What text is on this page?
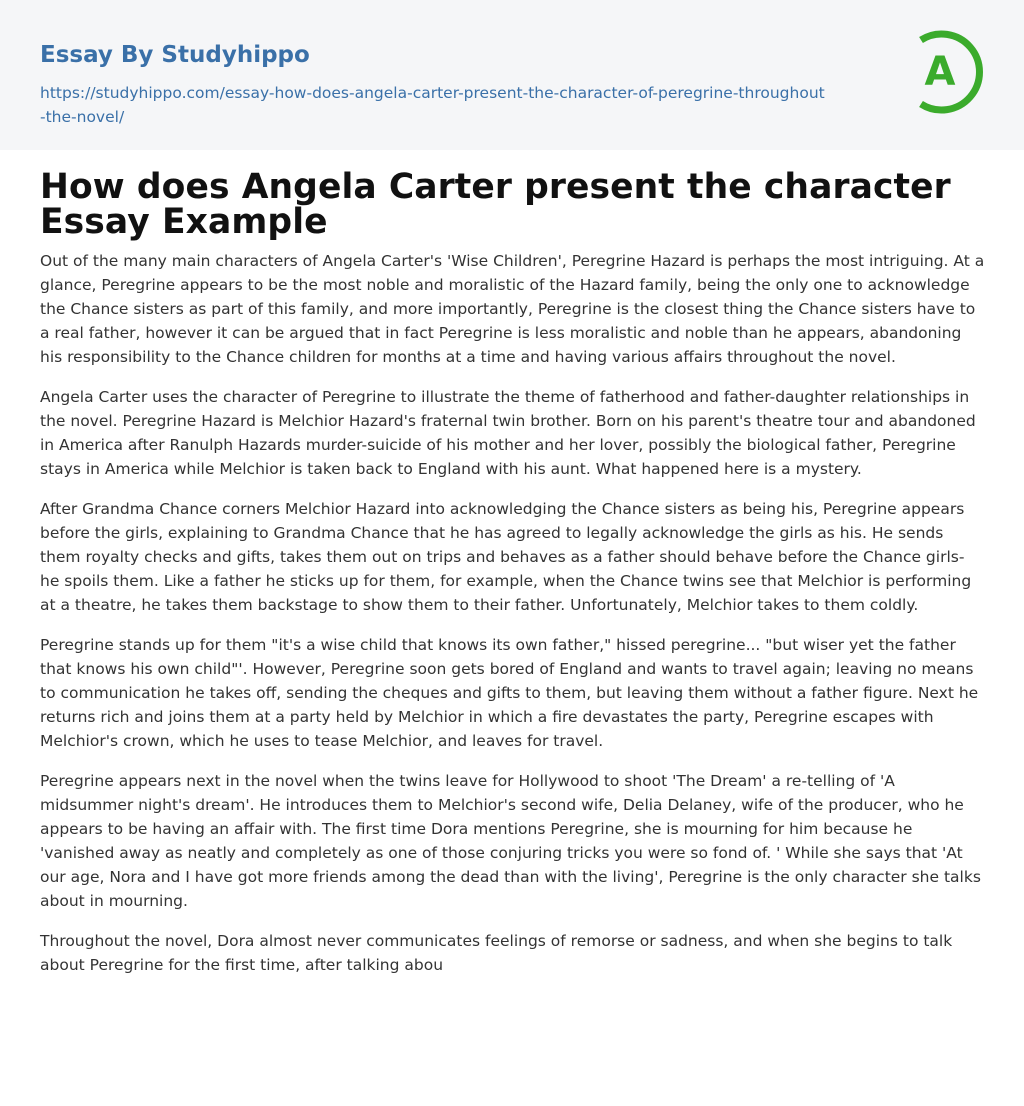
Essay By Studyhippo
https://studyhippo.com/essay-how-does-angela-carter-present-the-character-of-peregrine-throughout-the-novel/
A
How does Angela Carter present the character Essay Example

Out of the many main characters of Angela Carter's 'Wise Children', Peregrine Hazard is perhaps the most intriguing. At a glance, Peregrine appears to be the most noble and moralistic of the Hazard family, being the only one to acknowledge the Chance sisters as part of this family, and more importantly, Peregrine is the closest thing the Chance sisters have to a real father, however it can be argued that in fact Peregrine is less moralistic and noble than he appears, abandoning his responsibility to the Chance children for months at a time and having various affairs throughout the novel.

Angela Carter uses the character of Peregrine to illustrate the theme of fatherhood and father-daughter relationships in the novel. Peregrine Hazard is Melchior Hazard's fraternal twin brother. Born on his parent's theatre tour and abandoned in America after Ranulph Hazards murder-suicide of his mother and her lover, possibly the biological father, Peregrine stays in America while Melchior is taken back to England with his aunt. What happened here is a mystery.

After Grandma Chance corners Melchior Hazard into acknowledging the Chance sisters as being his, Peregrine appears before the girls, explaining to Grandma Chance that he has agreed to legally acknowledge the girls as his. He sends them royalty checks and gifts, takes them out on trips and behaves as a father should behave before the Chance girls- he spoils them. Like a father he sticks up for them, for example, when the Chance twins see that Melchior is performing at a theatre, he takes them backstage to show them to their father. Unfortunately, Melchior takes to them coldly.

Peregrine stands up for them "it's a wise child that knows its own father," hissed peregrine... "but wiser yet the father that knows his own child"'. However, Peregrine soon gets bored of England and wants to travel again; leaving no means to communication he takes off, sending the cheques and gifts to them, but leaving them without a father figure. Next he returns rich and joins them at a party held by Melchior in which a fire devastates the party, Peregrine escapes with Melchior's crown, which he uses to tease Melchior, and leaves for travel.

Peregrine appears next in the novel when the twins leave for Hollywood to shoot 'The Dream' a re-telling of 'A midsummer night's dream'. He introduces them to Melchior's second wife, Delia Delaney, wife of the producer, who he appears to be having an affair with. The first time Dora mentions Peregrine, she is mourning for him because he 'vanished away as neatly and completely as one of those conjuring tricks you were so fond of. ' While she says that 'At our age, Nora and I have got more friends among the dead than with the living', Peregrine is the only character she talks about in mourning.

Throughout the novel, Dora almost never communicates feelings of remorse or sadness, and when she begins to talk about Peregrine for the first time, after talking abou
